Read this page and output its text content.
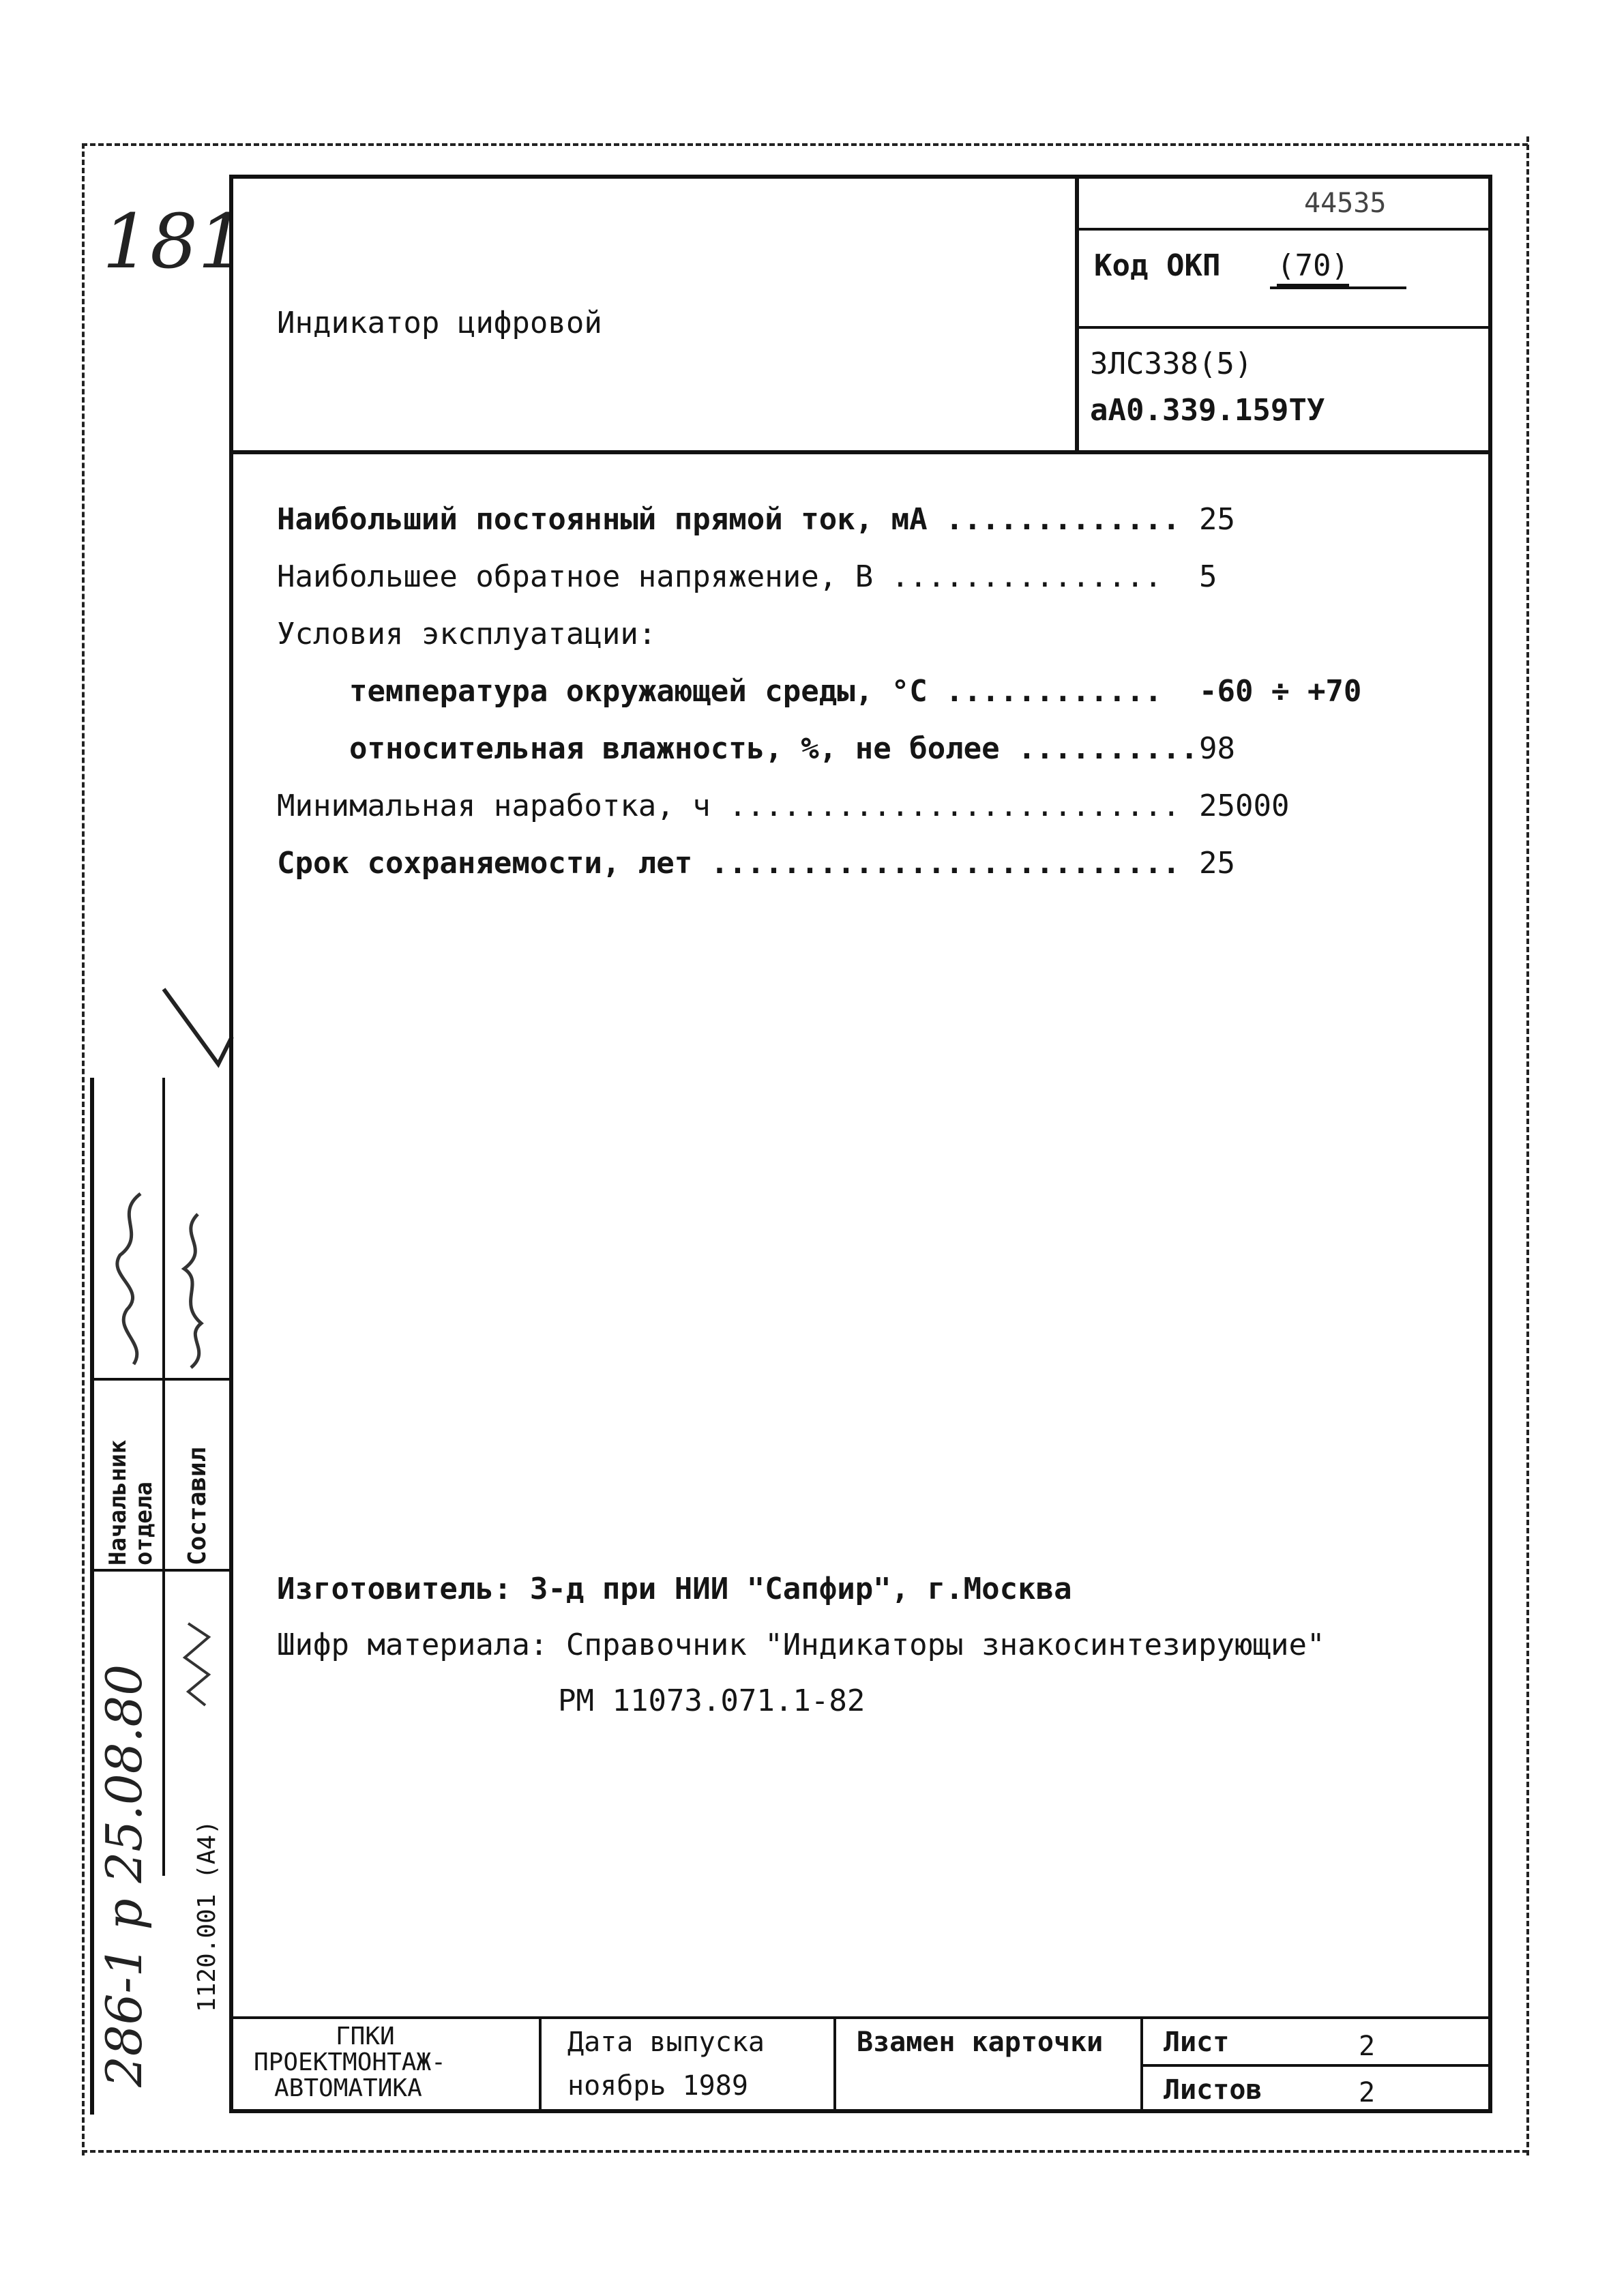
181
Начальник отдела Составил
286-1 р 25.08.80 1120.001 (А4)
44535
Код ОКП (70)
Индикатор цифровой
3ЛС338(5)
аА0.339.159ТУ
Наибольший постоянный прямой ток, мА ............. 25
Наибольшее обратное напряжение, В ............... 5
Условия эксплуатации:
температура окружающей среды, °С ............ -60 ÷ +70
относительная влажность, %, не более .......... 98
Минимальная наработка, ч ......................... 25000
Срок сохраняемости, лет .......................... 25
Изготовитель: З-д при НИИ "Сапфир", г.Москва
Шифр материала: Справочник "Индикаторы знакосинтезирующие"
РМ 11073.071.1-82
ГПКИ
ПРОЕКТМОНТАЖ-
АВТОМАТИКА
Дата выпуска
ноябрь 1989
Взамен карточки Лист	2
Листов	2
